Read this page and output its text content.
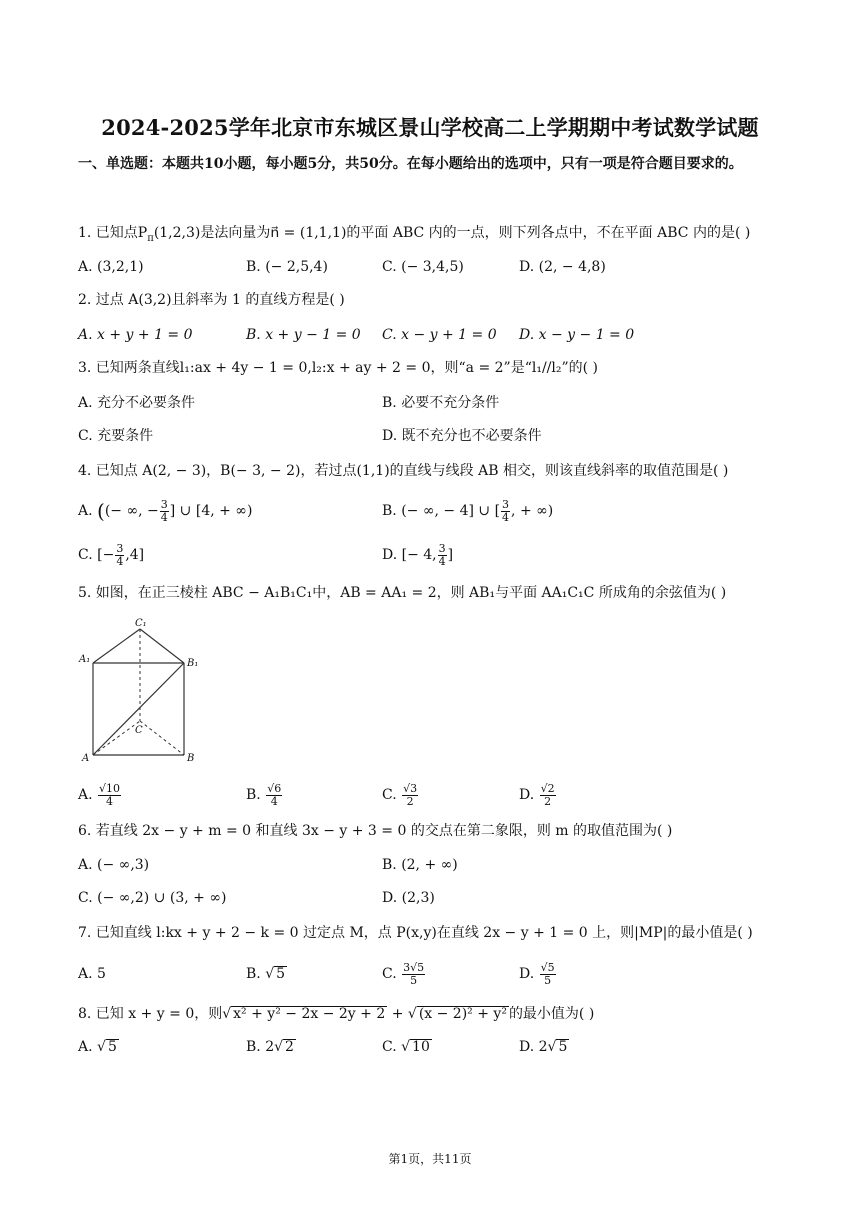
2024-2025学年北京市东城区景山学校高二上学期期中考试数学试题
一、单选题：本题共10小题，每小题5分，共50分。在每小题给出的选项中，只有一项是符合题目要求的。
1. 已知点$P_\pi(1,2,3)$是法向量为n⃗ = (1,1,1)的平面 ABC 内的一点，则下列各点中，不在平面 ABC 内的是( )
A. (3,2,1)	B. (− 2,5,4)	C. (− 3,4,5)	D. (2, − 4,8)
2. 过点 A(3,2)且斜率为 1 的直线方程是( )
A. x + y + 1 = 0	B. x + y − 1 = 0 C. x − y + 1 = 0 D. x − y − 1 = 0
3. 已知两条直线l₁:ax + 4y − 1 = 0,l₂:x + ay + 2 = 0，则“a = 2”是“l₁//l₂”的( )
A. 充分不必要条件	B. 必要不充分条件
C. 充要条件	D. 既不充分也不必要条件
4. 已知点 A(2, − 3)，B(− 3, − 2)，若过点(1,1)的直线与线段 AB 相交，则该直线斜率的取值范围是( )
A. ((− ∞, − $\frac{3}{4}$ ] ∪ [4, + ∞)	B. (− ∞, − 4] ∪ [ $\frac{3}{4}$ , + ∞)
C. [− $\frac{3}{4} ,4$]	D. [− 4, $\frac{3}{4}$ ]
5. 如图，在正三棱柱 ABC − A₁B₁C₁中，AB = AA₁ = 2，则 AB₁与平面 AA₁C₁C 所成角的余弦值为( )
C₁
A₁	B₁
C
A	B
A. $\frac{√10}{4}$	B. $\frac{√6}{4}$	C. $\frac{√3}{2}$	D. $\frac{√2}{2}$
6. 若直线 2x − y + m = 0 和直线 3x − y + 3 = 0 的交点在第二象限，则 m 的取值范围为( )
A. (− ∞,3)	B. (2, + ∞)
C. (− ∞,2) ∪ (3, + ∞)	D. (2,3)
7. 已知直线 l:kx + y + 2 − k = 0 过定点 M，点 P(x,y)在直线 2x − y + 1 = 0 上，则|MP|的最小值是( )
A. 5	B. √ 5	C. $\frac{3√5}{5}$	D. $\frac{√5}{5}$
8. 已知 x + y = 0，则√ x² + y² − 2x − 2y + 2 + √ (x − 2)² + y² 的最小值为( )
A. √ 5	B. 2√ 2	C. √ 10	D. 2√ 5
第1页，共11页
